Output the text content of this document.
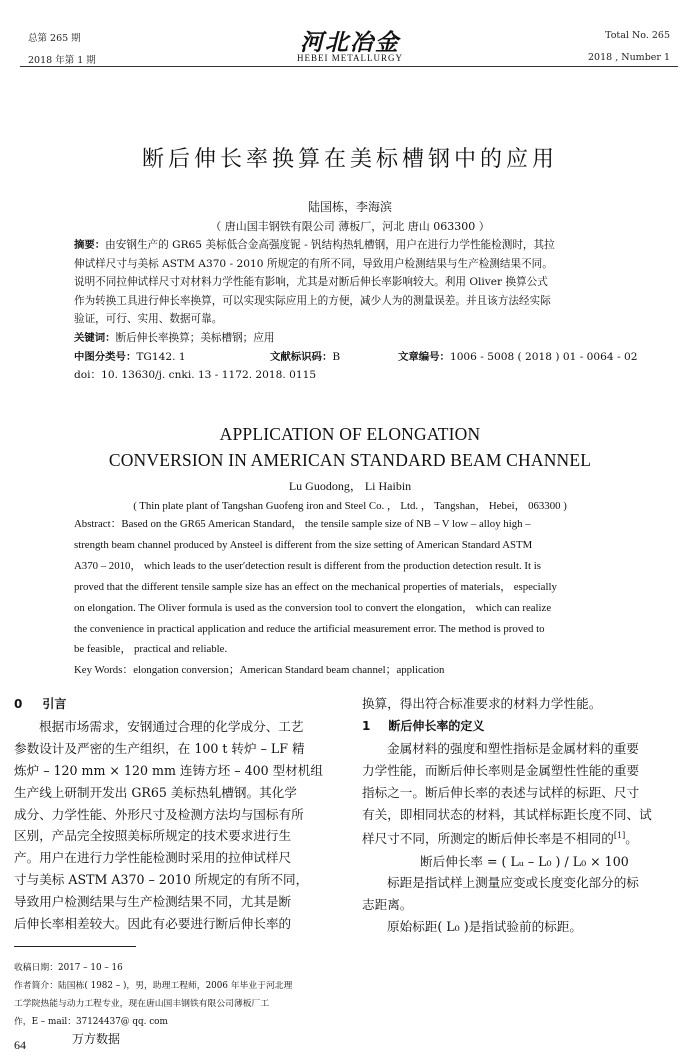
总第 265 期
2018 年第 1 期
河北冶金
HEBEI METALLURGY
Total No. 265
2018 , Number 1
断后伸长率换算在美标槽钢中的应用
陆国栋，李海滨
（ 唐山国丰钢铁有限公司 薄板厂，河北 唐山 063300 ）
摘要：由安钢生产的 GR65 美标低合金高强度铌 - 钒结构热轧槽钢，用户在进行力学性能检测时，其拉
伸试样尺寸与美标 ASTM A370 - 2010 所规定的有所不同，导致用户检测结果与生产检测结果不同。
说明不同拉伸试样尺寸对材料力学性能有影响，尤其是对断后伸长率影响较大。利用 Oliver 换算公式
作为转换工具进行伸长率换算，可以实现实际应用上的方便，减少人为的测量误差。并且该方法经实际
验证，可行、实用、数据可靠。
关键词：断后伸长率换算；美标槽钢；应用
中图分类号：TG142. 1	文献标识码：B	文章编号：1006 - 5008 ( 2018 ) 01 - 0064 - 02
doi：10. 13630/j. cnki. 13 - 1172. 2018. 0115
APPLICATION OF ELONGATION
CONVERSION IN AMERICAN STANDARD BEAM CHANNEL
Lu Guodong， Li Haibin
( Thin plate plant of Tangshan Guofeng iron and Steel Co. ， Ltd. ， Tangshan， Hebei， 063300 )
Abstract：Based on the GR65 American Standard， the tensile sample size of NB – V low – alloy high –
strength beam channel produced by Ansteel is different from the size setting of American Standard ASTM
A370 – 2010， which leads to the user′detection result is different from the production detection result. It is
proved that the different tensile sample size has an effect on the mechanical properties of materials， especially
on elongation. The Oliver formula is used as the conversion tool to convert the elongation， which can realize
the convenience in practical application and reduce the artificial measurement error. The method is proved to
be feasible， practical and reliable.
Key Words：elongation conversion；American Standard beam channel；application
0 引言
根据市场需求，安钢通过合理的化学成分、工艺
参数设计及严密的生产组织，在 100 t 转炉 – LF 精
炼炉 – 120 mm × 120 mm 连铸方坯 – 400 型材机组
生产线上研制开发出 GR65 美标热轧槽钢。其化学
成分、力学性能、外形尺寸及检测方法均与国标有所
区别，产品完全按照美标所规定的技术要求进行生
产。用户在进行力学性能检测时采用的拉伸试样尺
寸与美标 ASTM A370 – 2010 所规定的有所不同，
导致用户检测结果与生产检测结果不同，尤其是断
后伸长率相差较大。因此有必要进行断后伸长率的
收稿日期：2017 – 10 – 16
作者简介：陆国栋( 1982 – )，男，助理工程师，2006 年毕业于河北理
工学院热能与动力工程专业，现在唐山国丰钢铁有限公司薄板厂工
作，E – mail：37124437@ qq. com
64	万方数据
换算，得出符合标准要求的材料力学性能。
1 断后伸长率的定义
金属材料的强度和塑性指标是金属材料的重要
力学性能，而断后伸长率则是金属塑性性能的重要
指标之一。断后伸长率的表述与试样的标距、尺寸
有关，即相同状态的材料，其试样标距长度不同、试
样尺寸不同，所测定的断后伸长率是不相同的[1]。
断后伸长率 = ( Lᵤ – L₀ ) / L₀ × 100
标距是指试样上测量应变或长度变化部分的标
志距离。
原始标距( L₀ )是指试验前的标距。
